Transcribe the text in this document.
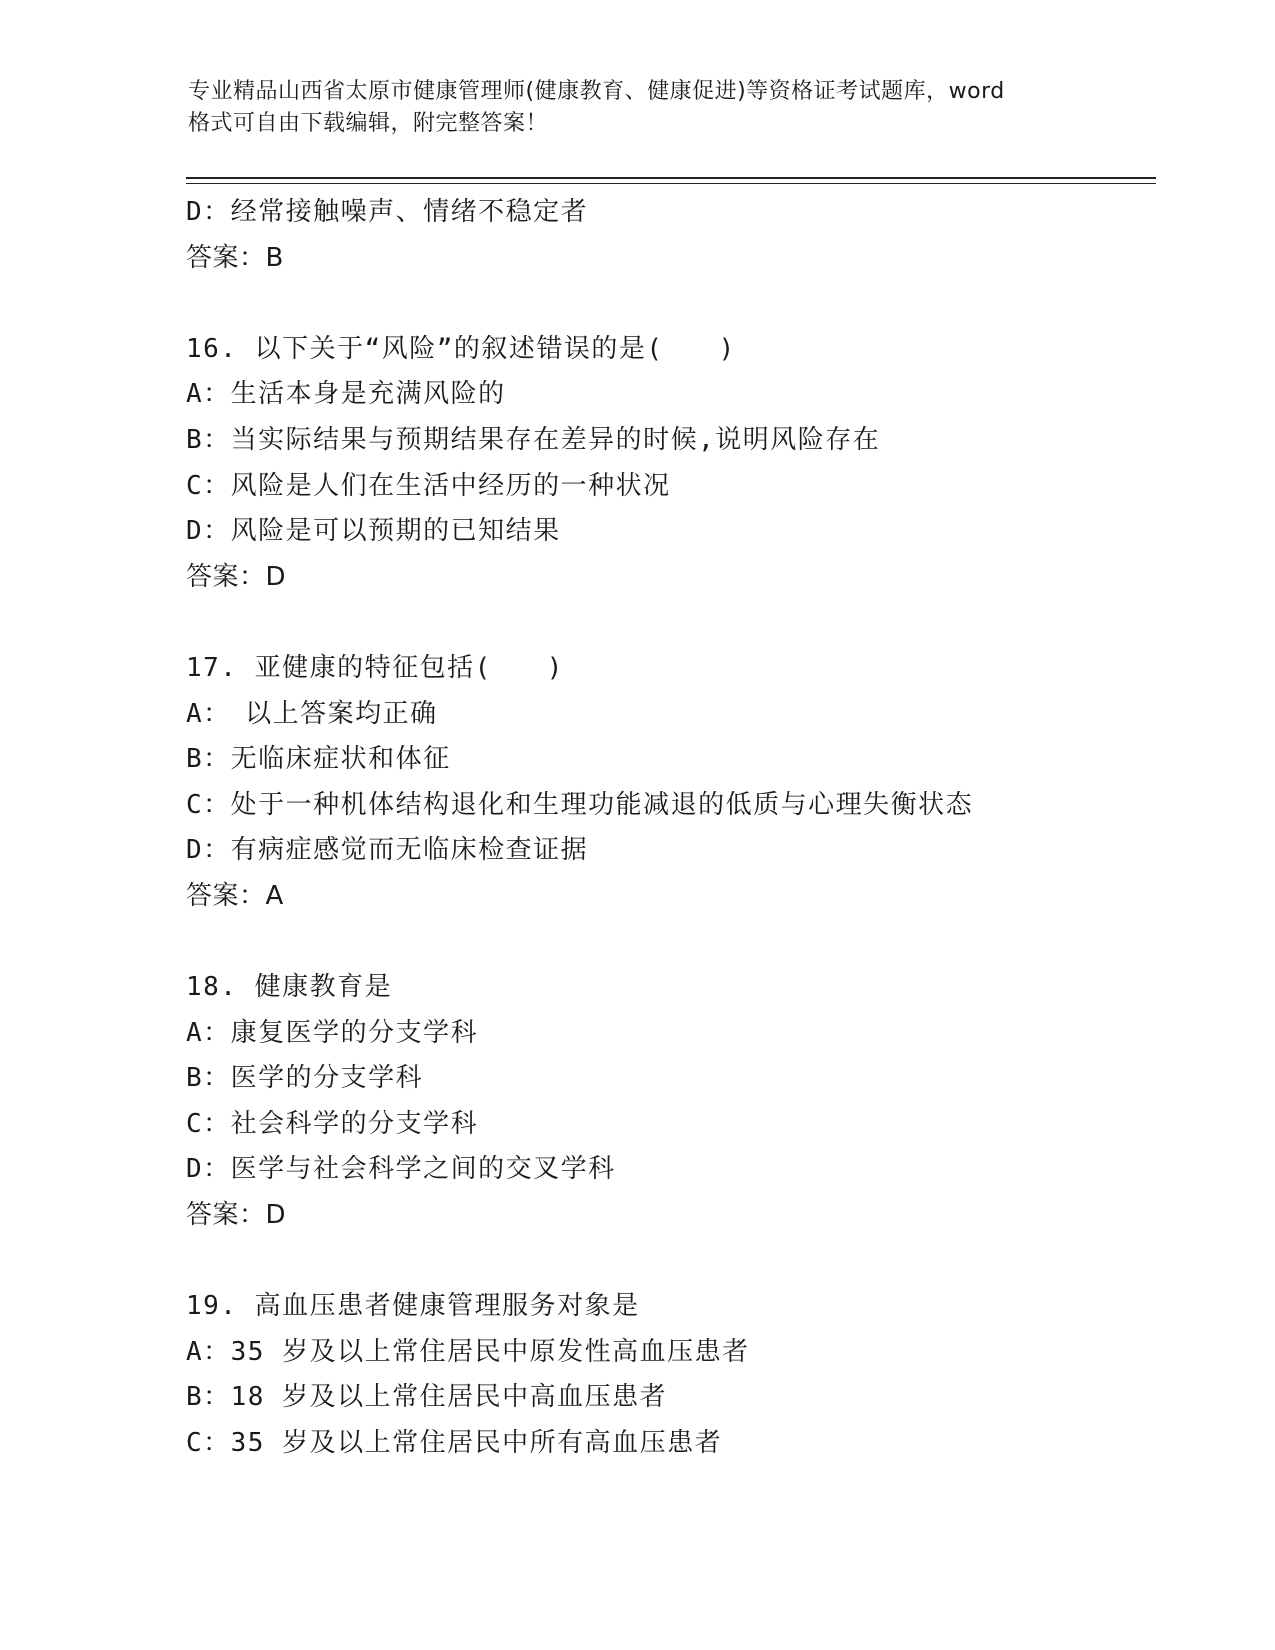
专业精品山西省太原市健康管理师(健康教育、健康促进)等资格证考试题库，word
格式可自由下载编辑，附完整答案！
D：经常接触噪声、情绪不稳定者
答案：B
16. 以下关于“风险”的叙述错误的是(　　)
A：生活本身是充满风险的
B：当实际结果与预期结果存在差异的时候,说明风险存在
C：风险是人们在生活中经历的一种状况
D：风险是可以预期的已知结果
答案：D
17. 亚健康的特征包括(　　)
A：　以上答案均正确
B：无临床症状和体征
C：处于一种机体结构退化和生理功能减退的低质与心理失衡状态
D：有病症感觉而无临床检查证据
答案：A
18. 健康教育是
A：康复医学的分支学科
B：医学的分支学科
C：社会科学的分支学科
D：医学与社会科学之间的交叉学科
答案：D
19. 高血压患者健康管理服务对象是
A：35 岁及以上常住居民中原发性高血压患者
B：18 岁及以上常住居民中高血压患者
C：35 岁及以上常住居民中所有高血压患者
